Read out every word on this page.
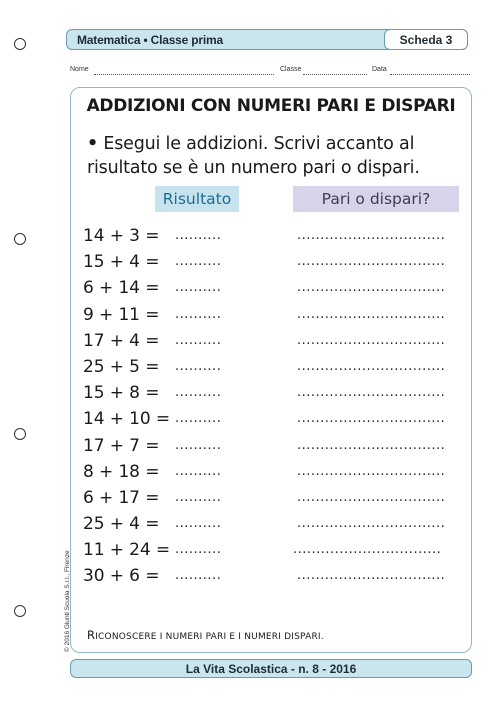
Matematica • Classe prima	Scheda 3
Nome	Classe	Data
ADDIZIONI CON NUMERI PARI E DISPARI
• Esegui le addizioni. Scrivi accanto al risultato se è un numero pari o dispari.
Risultato	Pari o dispari?
14 + 3 = ..........	................................
15 + 4 = ..........	................................
6 + 14 = ..........	................................
9 + 11 = ..........	................................
17 + 4 = ..........	................................
25 + 5 = ..........	................................
15 + 8 = ..........	................................
14 + 10 = ..........	................................
17 + 7 = ..........	................................
8 + 18 = ..........	................................
6 + 17 = ..........	................................
25 + 4 = ..........	................................
11 + 24 = ..........	................................
30 + 6 = ..........	................................
RICONOSCERE I NUMERI PARI E I NUMERI DISPARI.
© 2016 Giunti Scuola S.r.l., Firenze
La Vita Scolastica - n. 8 - 2016
